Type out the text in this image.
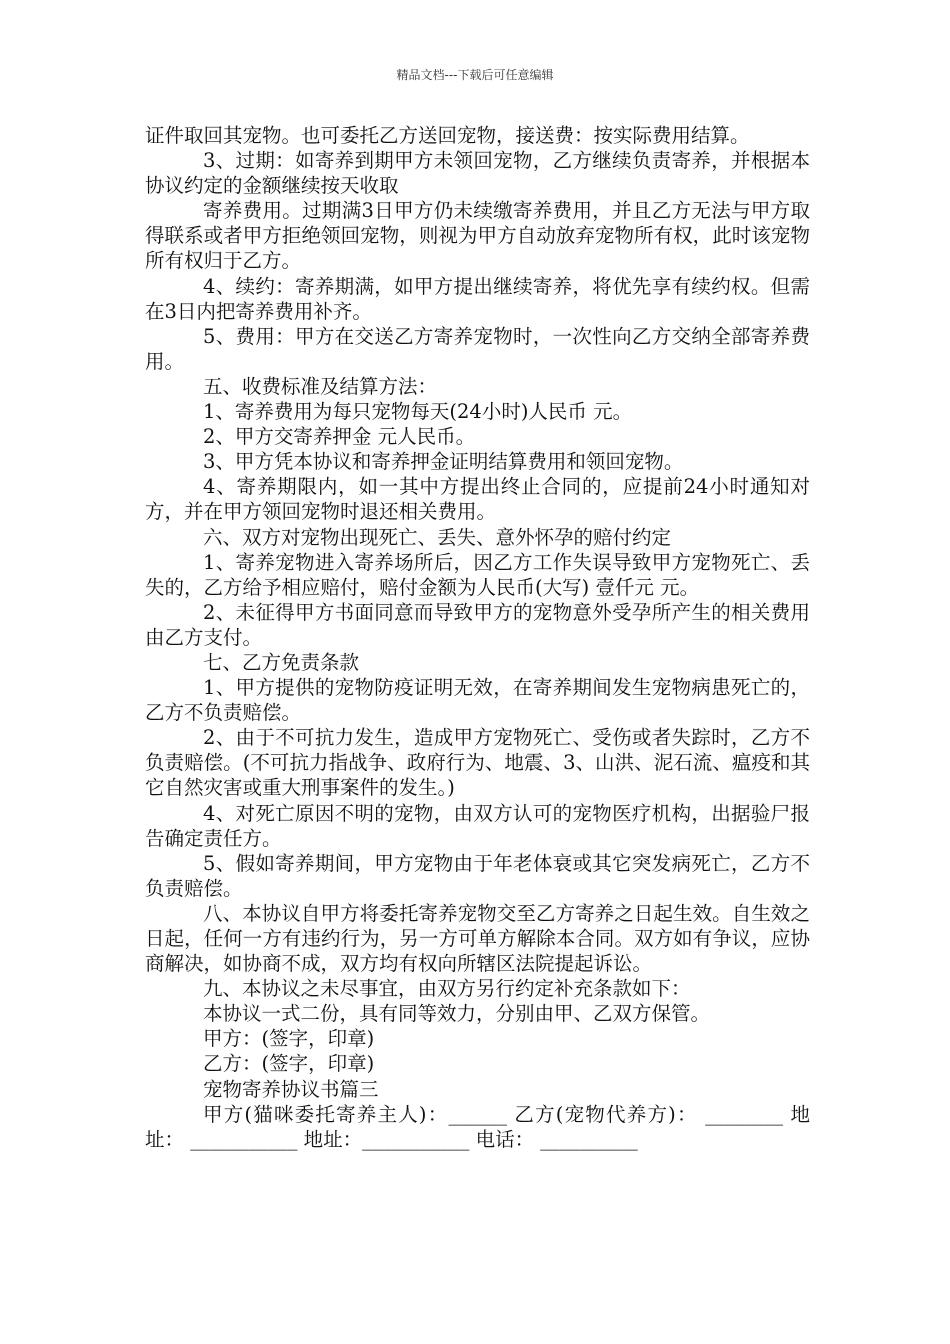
精品文档---下载后可任意编辑

证件取回其宠物。也可委托乙方送回宠物，接送费：按实际费用结算。

3、过期：如寄养到期甲方未领回宠物，乙方继续负责寄养，并根据本协议约定的金额继续按天收取

寄养费用。过期满3日甲方仍未续缴寄养费用，并且乙方无法与甲方取得联系或者甲方拒绝领回宠物，则视为甲方自动放弃宠物所有权，此时该宠物所有权归于乙方。

4、续约：寄养期满，如甲方提出继续寄养，将优先享有续约权。但需在3日内把寄养费用补齐。

5、费用：甲方在交送乙方寄养宠物时，一次性向乙方交纳全部寄养费用。

五、收费标准及结算方法：

1、寄养费用为每只宠物每天(24小时)人民币 元。

2、甲方交寄养押金 元人民币。

3、甲方凭本协议和寄养押金证明结算费用和领回宠物。

4、寄养期限内，如一其中方提出终止合同的，应提前24小时通知对方，并在甲方领回宠物时退还相关费用。

六、双方对宠物出现死亡、丢失、意外怀孕的赔付约定

1、寄养宠物进入寄养场所后，因乙方工作失误导致甲方宠物死亡、丢失的，乙方给予相应赔付，赔付金额为人民币(大写) 壹仟元 元。

2、未征得甲方书面同意而导致甲方的宠物意外受孕所产生的相关费用由乙方支付。

七、乙方免责条款

1、甲方提供的宠物防疫证明无效，在寄养期间发生宠物病患死亡的，乙方不负责赔偿。

2、由于不可抗力发生，造成甲方宠物死亡、受伤或者失踪时，乙方不负责赔偿。(不可抗力指战争、政府行为、地震、3、山洪、泥石流、瘟疫和其它自然灾害或重大刑事案件的发生。)

4、对死亡原因不明的宠物，由双方认可的宠物医疗机构，出据验尸报告确定责任方。

5、假如寄养期间，甲方宠物由于年老体衰或其它突发病死亡，乙方不负责赔偿。

八、本协议自甲方将委托寄养宠物交至乙方寄养之日起生效。自生效之日起，任何一方有违约行为，另一方可单方解除本合同。双方如有争议，应协商解决，如协商不成，双方均有权向所辖区法院提起诉讼。

九、本协议之未尽事宜，由双方另行约定补充条款如下：

本协议一式二份，具有同等效力，分别由甲、乙双方保管。

甲方：(签字，印章)

乙方：(签字，印章)

宠物寄养协议书篇三

甲方(猫咪委托寄养主人)：______ 乙方(宠物代养方)： ________ 地址： ___________ 地址：___________ 电话： __________
